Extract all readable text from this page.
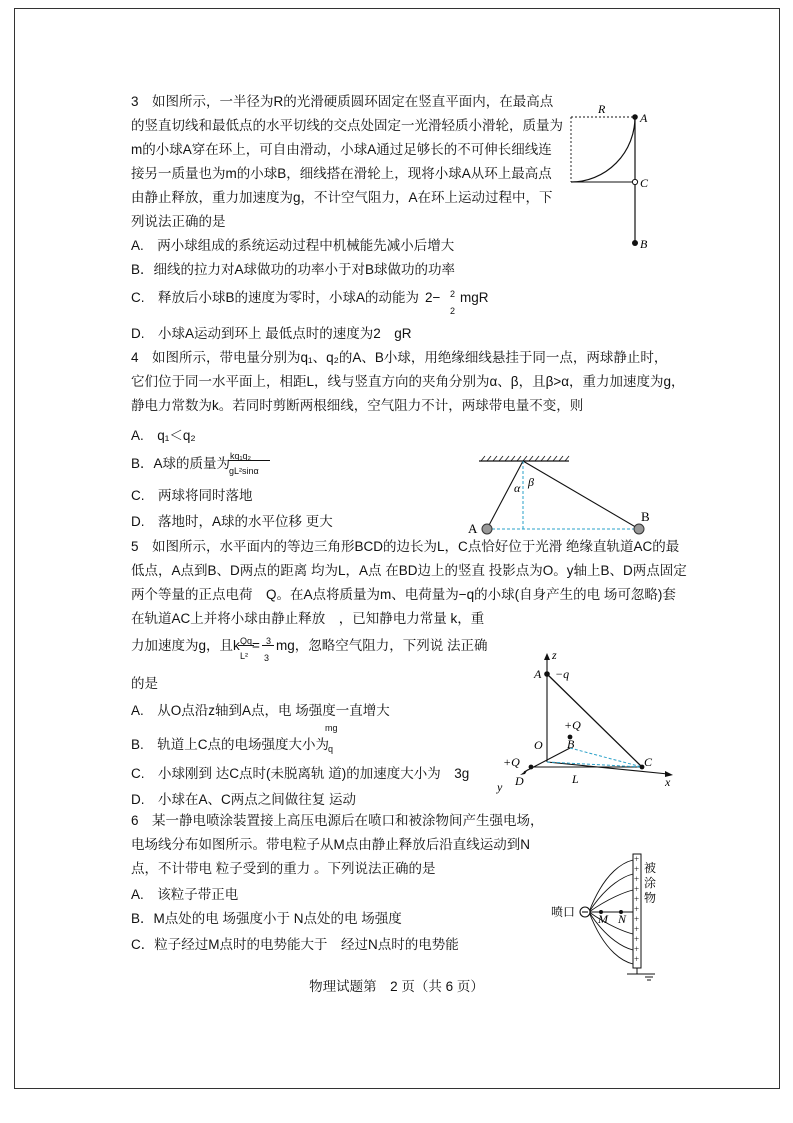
3　如图所示，一半径为R的光滑硬质圆环固定在竖直平面内，在最高点
的竖直切线和最低点的水平切线的交点处固定一光滑轻质小滑轮，质量为
m的小球A穿在环上，可自由滑动，小球A通过足够长的不可伸长细线连
接另一质量也为m的小球B，细线搭在滑轮上，现将小球A从环上最高点
由静止释放，重力加速度为g，不计空气阻力，A在环上运动过程中，下
列说法正确的是
A.　两小球组成的系统运动过程中机械能先减小后增大
B．细线的拉力对A球做功的功率小于对B球做功的功率
C.　释放后小球B的速度为零时，小球A的动能为 2− 2
2
mgR
D.　小球A运动到环上 最低点时的速度为2　gR
R
A
C
B
4　如图所示，带电量分别为q₁、q₂的A、B小球，用绝缘细线悬挂于同一点，两球静止时，
它们位于同一水平面上，相距L，线与竖直方向的夹角分别为α、β，且β>α，重力加速度为g，
静电力常数为k。若同时剪断两根细线，空气阻力不计，两球带电量不变，则
A.　q₁＜q₂
B．A球的质量为 kq₁q₂
gL²sinα
C.　两球将同时落地
D.　落地时，A球的水平位移 更大
α β
A
B
5　如图所示，水平面内的等边三角形BCD的边长为L，C点恰好位于光滑 绝缘直轨道AC的最
低点，A点到B、D两点的距离 均为L，A点 在BD边上的竖直 投影点为O。y轴上B、D两点固定
两个等量的正点电荷　Q。在A点将质量为m、电荷量为−q的小球(自身产生的电 场可忽略)套
在轨道AC上并将小球由静止释放　，已知静电力常量 k，重
力加速度为g，且k Qq
L²
= 3
3
mg，忽略空气阻力，下列说 法正确
的是
A.　从O点沿z轴到A点，电 场强度一直增大
B.　轨道上C点的电场强度大小为
mg
q
C.　小球刚到 达C点时(未脱离轨 道)的加速度大小为　3g
D.　小球在A、C两点之间做往复 运动
z
A −q
+Q
+Q
O B
C
D	L	x
y
6　某一静电喷涂装置接上高压电源后在喷口和被涂物间产生强电场，
电场线分布如图所示。带电粒子从M点由静止释放后沿直线运动到N
点，不计带电 粒子受到的重力 。下列说法正确的是
A.　该粒子带正电
B．M点处的电 场强度小于 N点处的电 场强度
C．粒子经过M点时的电势能大于　经过N点时的电势能
+
+
+
+
+
+
+
+
+
+
+
喷口 M N
被
涂
物
物理试题第　2 页（共 6 页）
